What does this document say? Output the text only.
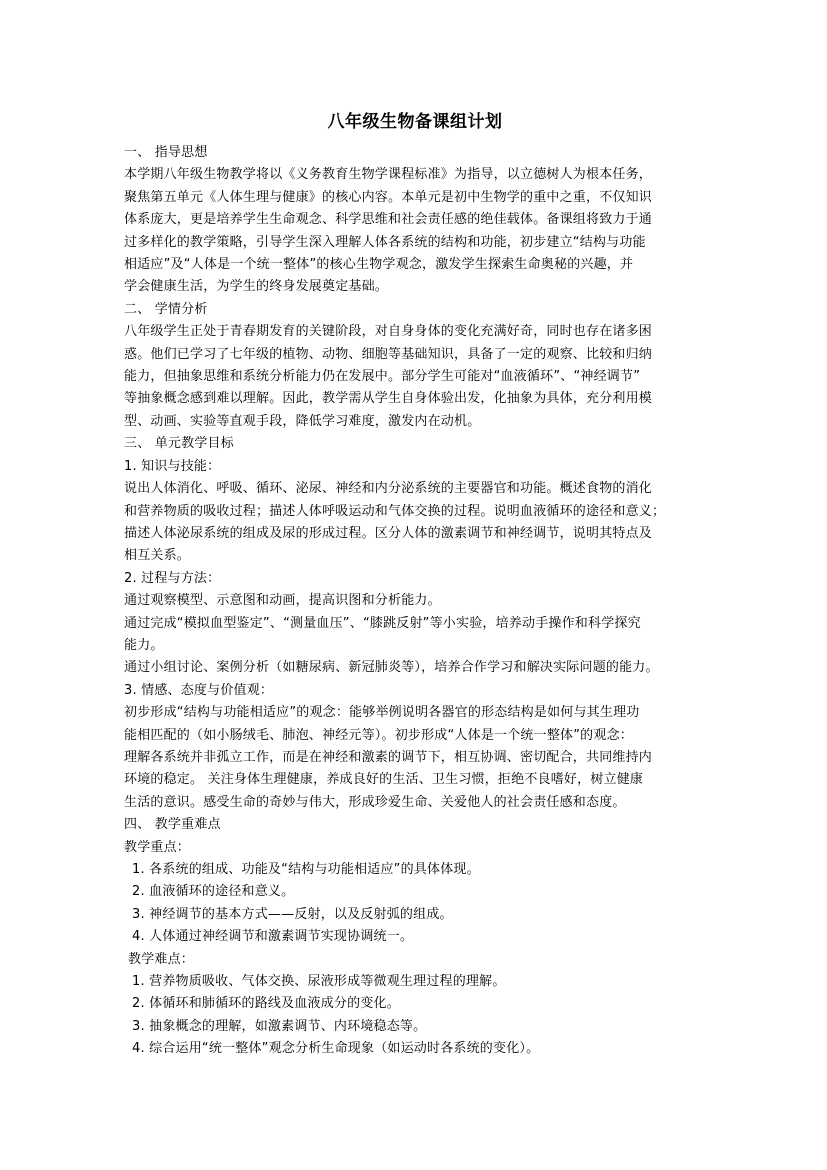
八年级生物备课组计划
一、 指导思想
本学期八年级生物教学将以《义务教育生物学课程标准》为指导，以立德树人为根本任务，
聚焦第五单元《人体生理与健康》的核心内容。本单元是初中生物学的重中之重，不仅知识
体系庞大，更是培养学生生命观念、科学思维和社会责任感的绝佳载体。备课组将致力于通
过多样化的教学策略，引导学生深入理解人体各系统的结构和功能，初步建立“结构与功能
相适应”及“人体是一个统一整体”的核心生物学观念，激发学生探索生命奥秘的兴趣，并
学会健康生活，为学生的终身发展奠定基础。
二、 学情分析
八年级学生正处于青春期发育的关键阶段，对自身身体的变化充满好奇，同时也存在诸多困
惑。他们已学习了七年级的植物、动物、细胞等基础知识，具备了一定的观察、比较和归纳
能力，但抽象思维和系统分析能力仍在发展中。部分学生可能对“血液循环”、“神经调节”
等抽象概念感到难以理解。因此，教学需从学生自身体验出发，化抽象为具体，充分利用模
型、动画、实验等直观手段，降低学习难度，激发内在动机。
三、 单元教学目标
1. 知识与技能：
说出人体消化、呼吸、循环、泌尿、神经和内分泌系统的主要器官和功能。概述食物的消化
和营养物质的吸收过程；描述人体呼吸运动和气体交换的过程。说明血液循环的途径和意义；
描述人体泌尿系统的组成及尿的形成过程。区分人体的激素调节和神经调节，说明其特点及
相互关系。
2. 过程与方法：
通过观察模型、示意图和动画，提高识图和分析能力。
通过完成“模拟血型鉴定”、“测量血压”、“膝跳反射”等小实验，培养动手操作和科学探究
能力。
通过小组讨论、案例分析（如糖尿病、新冠肺炎等），培养合作学习和解决实际问题的能力。
3. 情感、态度与价值观：
初步形成“结构与功能相适应”的观念：能够举例说明各器官的形态结构是如何与其生理功
能相匹配的（如小肠绒毛、肺泡、神经元等）。初步形成“人体是一个统一整体”的观念：
理解各系统并非孤立工作，而是在神经和激素的调节下，相互协调、密切配合，共同维持内
环境的稳定。 关注身体生理健康，养成良好的生活、卫生习惯，拒绝不良嗜好，树立健康
生活的意识。感受生命的奇妙与伟大，形成珍爱生命、关爱他人的社会责任感和态度。
四、 教学重难点
教学重点：
1. 各系统的组成、功能及“结构与功能相适应”的具体体现。
2. 血液循环的途径和意义。
3. 神经调节的基本方式——反射，以及反射弧的组成。
4. 人体通过神经调节和激素调节实现协调统一。
教学难点：
1. 营养物质吸收、气体交换、尿液形成等微观生理过程的理解。
2. 体循环和肺循环的路线及血液成分的变化。
3. 抽象概念的理解，如激素调节、内环境稳态等。
4. 综合运用“统一整体”观念分析生命现象（如运动时各系统的变化）。
